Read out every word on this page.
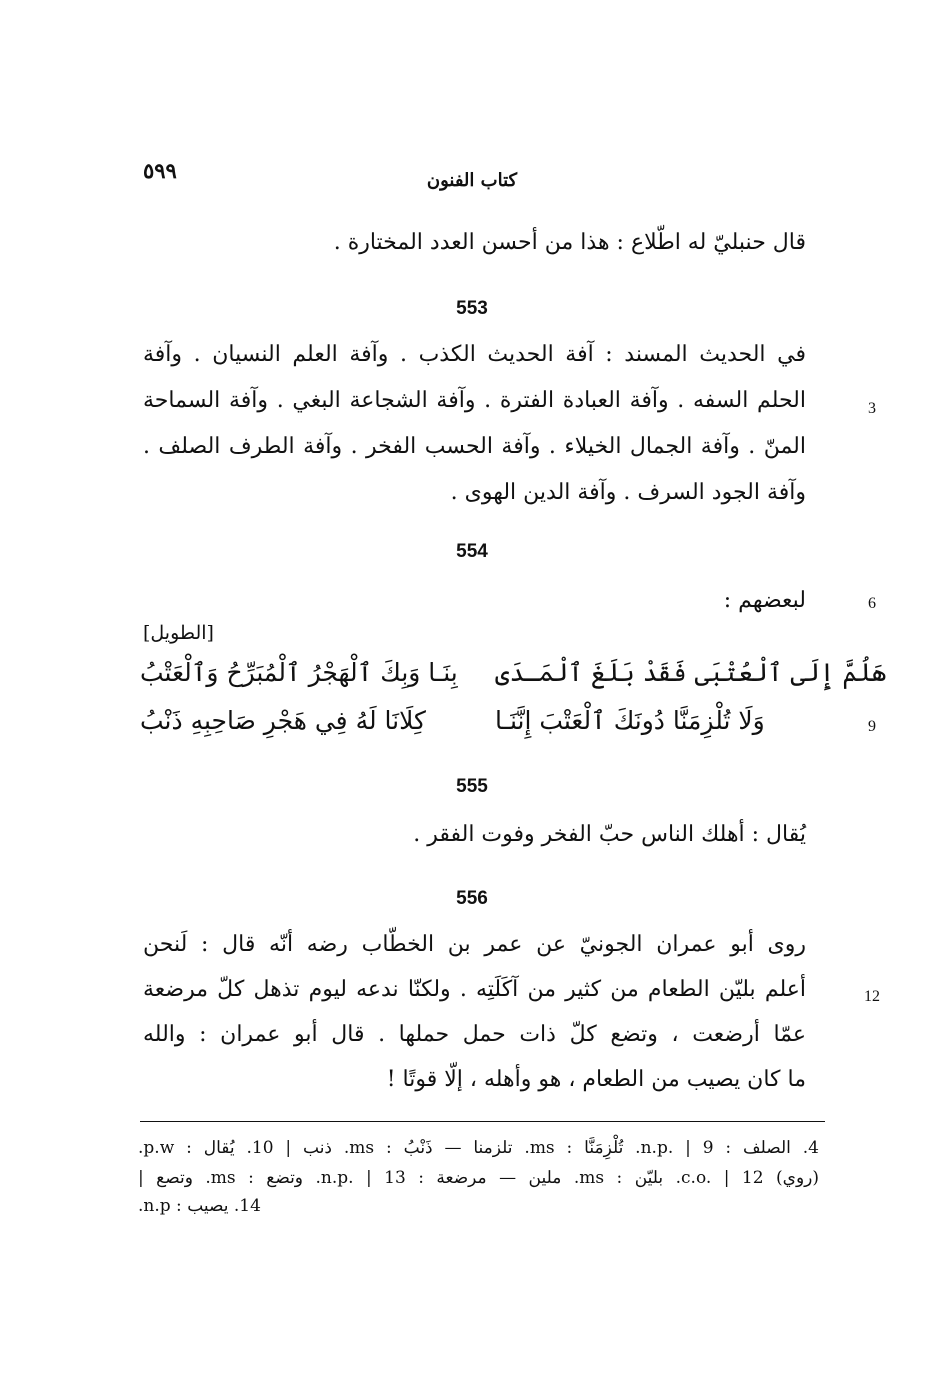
٥٩٩	كتاب الفنون
قال حنبليّ له اطّلاع : هذا من أحسن العدد المختارة .
553
في الحديث المسند : آفة الحديث الكذب . وآفة العلم النسيان . وآفة
الحلم السفه . وآفة العبادة الفترة . وآفة الشجاعة البغي . وآفة السماحة
المنّ . وآفة الجمال الخيلاء . وآفة الحسب الفخر . وآفة الطرف الصلف .
وآفة الجود السرف . وآفة الدين الهوى .
554
لبعضهم :
[الطويل]
هَلُمَّ إِلَى ٱلْعُتْبَى فَقَدْ بَلَغَ ٱلْمَـدَى
بِنَـا وَبِكَ ٱلْهَجْرُ ٱلْمُبَرِّحُ وَٱلْعَتْبُ
وَلَا تُلْزِمَنَّا دُونَكَ ٱلْعَتْبَ إِنَّنَـا
كِلَانَا لَهُ فِي هَجْرِ صَاحِبِهِ ذَنْبُ
555
يُقال : أهلك الناس حبّ الفخر وفوت الفقر .
556
روى أبو عمران الجونيّ عن عمر بن الخطّاب رضه أنّه قال : لَنحن
أعلم بليّن الطعام من كثير من آكَلَتِه . ولكنّا ندعه ليوم تذهل كلّ مرضعة
عمّا أرضعت ، وتضع كلّ ذات حمل حملها . قال أبو عمران : والله
ما كان يصيب من الطعام ، هو وأهله ، إلّا قوتًا !
3
6
9
12
4. الصلف : n.p. | 9. تُلْزِمَنَّا : ms. تلزمنا — ذَنْبُ : ms. ذنب | 10. يُقال : p.w.
(روي) c.o. | 12. بليّن : ms. ملين — مرضعة : n.p. | 13. وتضع : ms. وتصع |
14. يصيب : n.p.
